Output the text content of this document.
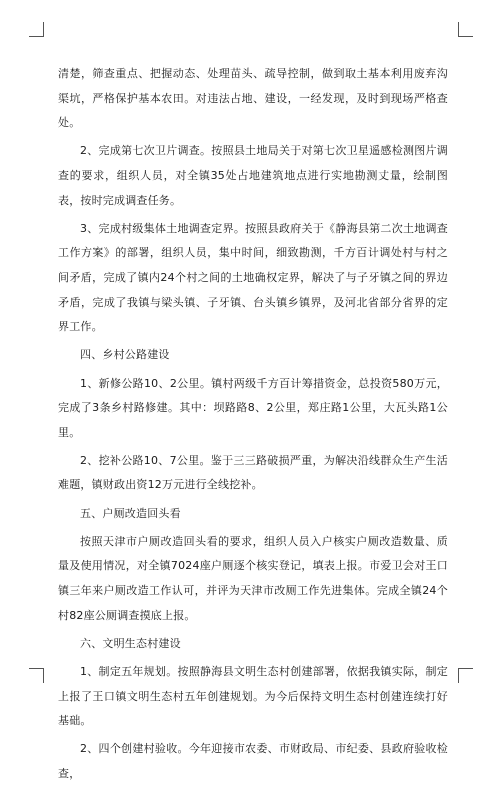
清楚，筛查重点、把握动态、处理苗头、疏导控制，做到取土基本利用废弃沟渠坑，严格保护基本农田。对违法占地、建设，一经发现，及时到现场严格查处。

2、完成第七次卫片调查。按照县土地局关于对第七次卫星遥感检测图片调查的要求，组织人员，对全镇35处占地建筑地点进行实地勘测丈量，绘制图表，按时完成调查任务。

3、完成村级集体土地调查定界。按照县政府关于《静海县第二次土地调查工作方案》的部署，组织人员，集中时间，细致勘测，千方百计调处村与村之间矛盾，完成了镇内24个村之间的土地确权定界，解决了与子牙镇之间的界边矛盾，完成了我镇与梁头镇、子牙镇、台头镇乡镇界，及河北省部分省界的定界工作。

四、乡村公路建设

1、新修公路10、2公里。镇村两级千方百计筹措资金，总投资580万元，完成了3条乡村路修建。其中：坝路路8、2公里，郑庄路1公里，大瓦头路1公里。

2、挖补公路10、7公里。鉴于三三路破损严重，为解决沿线群众生产生活难题，镇财政出资12万元进行全线挖补。

五、户厕改造回头看

按照天津市户厕改造回头看的要求，组织人员入户核实户厕改造数量、质量及使用情况，对全镇7024座户厕逐个核实登记，填表上报。市爱卫会对王口镇三年来户厕改造工作认可，并评为天津市改厕工作先进集体。完成全镇24个村82座公厕调查摸底上报。

六、文明生态村建设

1、制定五年规划。按照静海县文明生态村创建部署，依据我镇实际，制定上报了王口镇文明生态村五年创建规划。为今后保持文明生态村创建连续打好基础。

2、四个创建村验收。今年迎接市农委、市财政局、市纪委、县政府验收检查，
